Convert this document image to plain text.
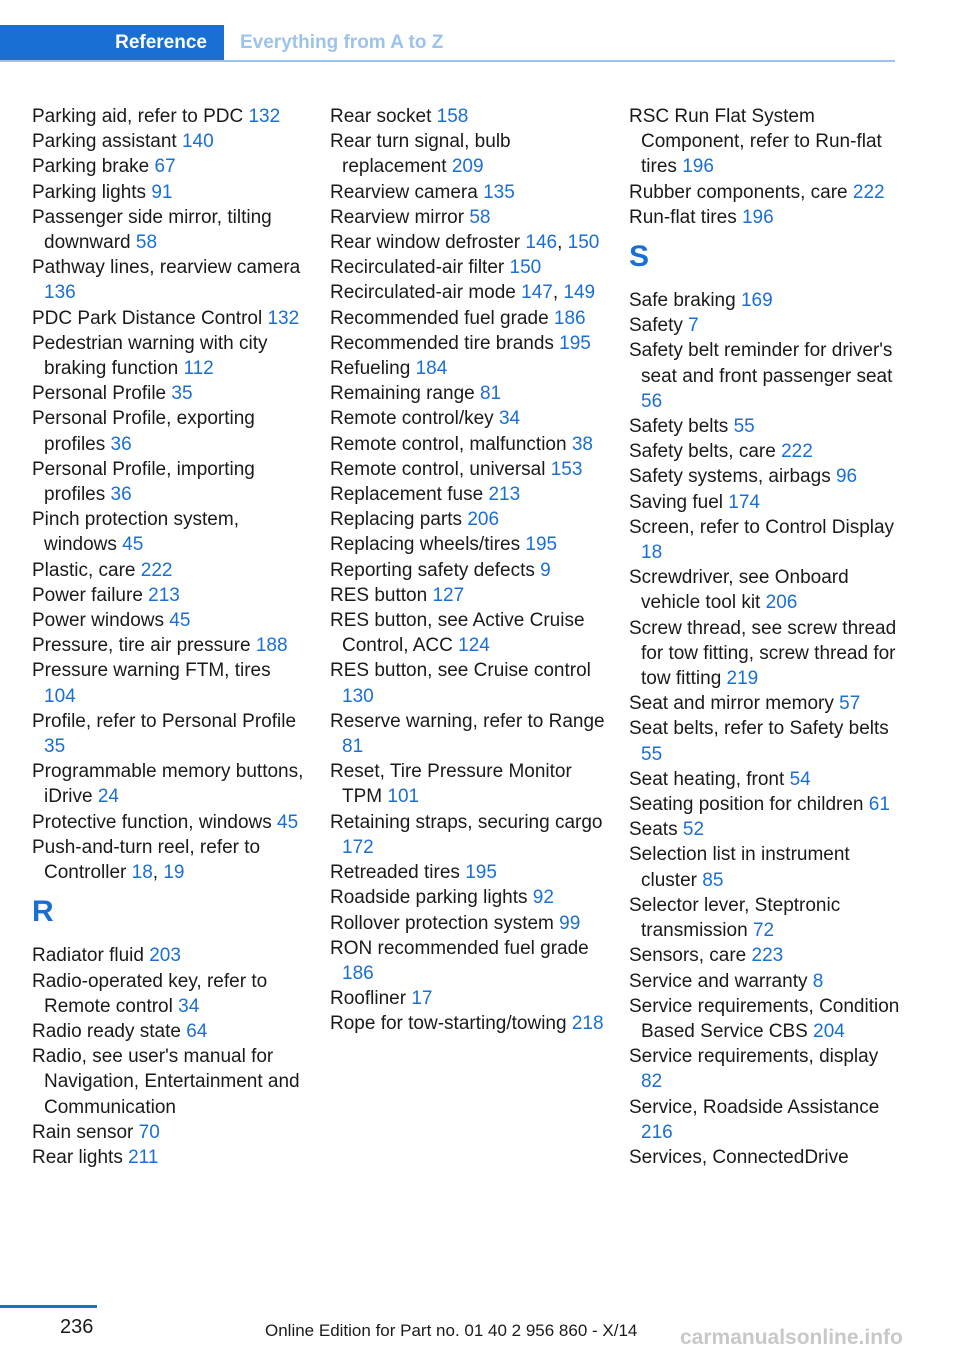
Reference	Everything from A to Z
Parking aid, refer to PDC 132
Parking assistant 140
Parking brake 67
Parking lights 91
Passenger side mirror, tilting downward 58
Pathway lines, rearview camera 136
PDC Park Distance Control 132
Pedestrian warning with city braking function 112
Personal Profile 35
Personal Profile, exporting profiles 36
Personal Profile, importing profiles 36
Pinch protection system, windows 45
Plastic, care 222
Power failure 213
Power windows 45
Pressure, tire air pressure 188
Pressure warning FTM, tires 104
Profile, refer to Personal Profile 35
Programmable memory buttons, iDrive 24
Protective function, windows 45
Push-and-turn reel, refer to Controller 18, 19
R
Radiator fluid 203
Radio-operated key, refer to Remote control 34
Radio ready state 64
Radio, see user's manual for Navigation, Entertainment and Communication
Rain sensor 70
Rear lights 211
Rear socket 158
Rear turn signal, bulb replacement 209
Rearview camera 135
Rearview mirror 58
Rear window defroster 146, 150
Recirculated-air filter 150
Recirculated-air mode 147, 149
Recommended fuel grade 186
Recommended tire brands 195
Refueling 184
Remaining range 81
Remote control/key 34
Remote control, malfunction 38
Remote control, universal 153
Replacement fuse 213
Replacing parts 206
Replacing wheels/tires 195
Reporting safety defects 9
RES button 127
RES button, see Active Cruise Control, ACC 124
RES button, see Cruise control 130
Reserve warning, refer to Range 81
Reset, Tire Pressure Monitor TPM 101
Retaining straps, securing cargo 172
Retreaded tires 195
Roadside parking lights 92
Rollover protection system 99
RON recommended fuel grade 186
Roofliner 17
Rope for tow-starting/towing 218
RSC Run Flat System Component, refer to Run-flat tires 196
Rubber components, care 222
Run-flat tires 196
S
Safe braking 169
Safety 7
Safety belt reminder for driver's seat and front passenger seat 56
Safety belts 55
Safety belts, care 222
Safety systems, airbags 96
Saving fuel 174
Screen, refer to Control Display 18
Screwdriver, see Onboard vehicle tool kit 206
Screw thread, see screw thread for tow fitting, screw thread for tow fitting 219
Seat and mirror memory 57
Seat belts, refer to Safety belts 55
Seat heating, front 54
Seating position for children 61
Seats 52
Selection list in instrument cluster 85
Selector lever, Steptronic transmission 72
Sensors, care 223
Service and warranty 8
Service requirements, Condition Based Service CBS 204
Service requirements, display 82
Service, Roadside Assistance 216
Services, ConnectedDrive
236	Online Edition for Part no. 01 40 2 956 860 - X/14 carmanualsonline.info
